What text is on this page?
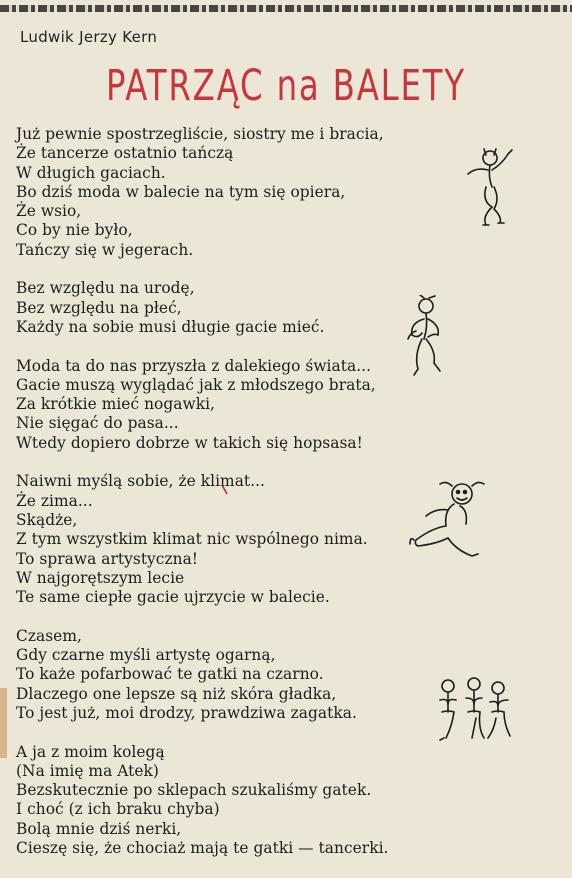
Ludwik Jerzy Kern
PATRZĄC na BALETY
Już pewnie spostrzegliście, siostry me i bracia,
Że tancerze ostatnio tańczą
W długich gaciach.
Bo dziś moda w balecie na tym się opiera,
Że wsio,
Co by nie było,
Tańczy się w jegerach.
Bez względu na urodę,
Bez względu na płeć,
Każdy na sobie musi długie gacie mieć.
Moda ta do nas przyszła z dalekiego świata...
Gacie muszą wyglądać jak z młodszego brata,
Za krótkie mieć nogawki,
Nie sięgać do pasa...
Wtedy dopiero dobrze w takich się hopsasa!
Naiwni myślą sobie, że klimat...
Że zima...
Skądże,
Z tym wszystkim klimat nic wspólnego nima.
To sprawa artystyczna!
W najgorętszym lecie
Te same ciepłe gacie ujrzycie w balecie.
Czasem,
Gdy czarne myśli artystę ogarną,
To każe pofarbować te gatki na czarno.
Dlaczego one lepsze są niż skóra gładka,
To jest już, moi drodzy, prawdziwa zagatka.
A ja z moim kolegą
(Na imię ma Atek)
Bezskutecznie po sklepach szukaliśmy gatek.
I choć (z ich braku chyba)
Bolą mnie dziś nerki,
Cieszę się, że chociaż mają te gatki — tancerki.
